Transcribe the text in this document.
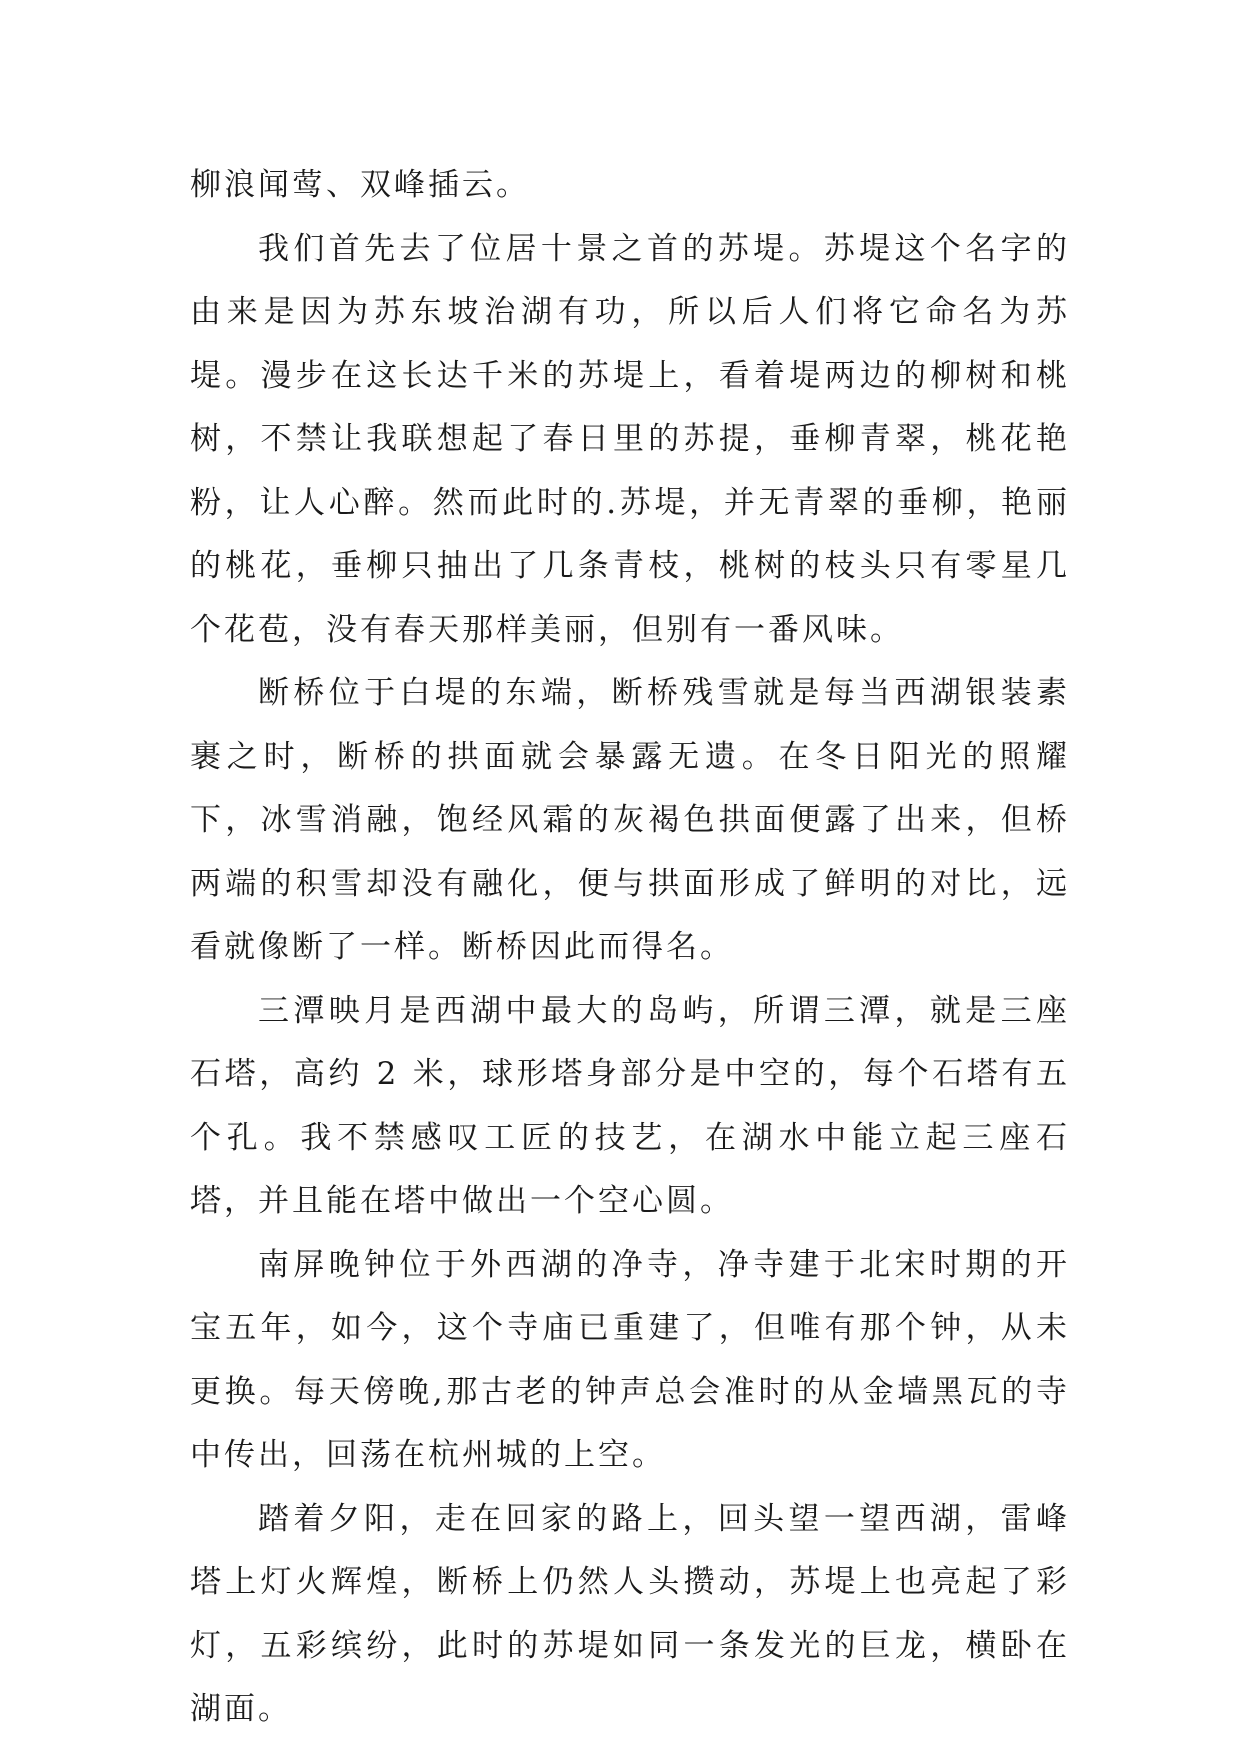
柳浪闻莺、双峰插云。

我们首先去了位居十景之首的苏堤。苏堤这个名字的由来是因为苏东坡治湖有功，所以后人们将它命名为苏堤。漫步在这长达千米的苏堤上，看着堤两边的柳树和桃树，不禁让我联想起了春日里的苏提，垂柳青翠，桃花艳粉，让人心醉。然而此时的.苏堤，并无青翠的垂柳，艳丽的桃花，垂柳只抽出了几条青枝，桃树的枝头只有零星几个花苞，没有春天那样美丽，但别有一番风味。

断桥位于白堤的东端，断桥残雪就是每当西湖银装素裹之时，断桥的拱面就会暴露无遗。在冬日阳光的照耀下，冰雪消融，饱经风霜的灰褐色拱面便露了出来，但桥两端的积雪却没有融化，便与拱面形成了鲜明的对比，远看就像断了一样。断桥因此而得名。

三潭映月是西湖中最大的岛屿，所谓三潭，就是三座石塔，高约 2 米，球形塔身部分是中空的，每个石塔有五个孔。我不禁感叹工匠的技艺，在湖水中能立起三座石塔，并且能在塔中做出一个空心圆。

南屏晚钟位于外西湖的净寺，净寺建于北宋时期的开宝五年，如今，这个寺庙已重建了，但唯有那个钟，从未更换。每天傍晚,那古老的钟声总会准时的从金墙黑瓦的寺中传出，回荡在杭州城的上空。

踏着夕阳，走在回家的路上，回头望一望西湖，雷峰塔上灯火辉煌，断桥上仍然人头攒动，苏堤上也亮起了彩灯，五彩缤纷，此时的苏堤如同一条发光的巨龙，横卧在湖面。
